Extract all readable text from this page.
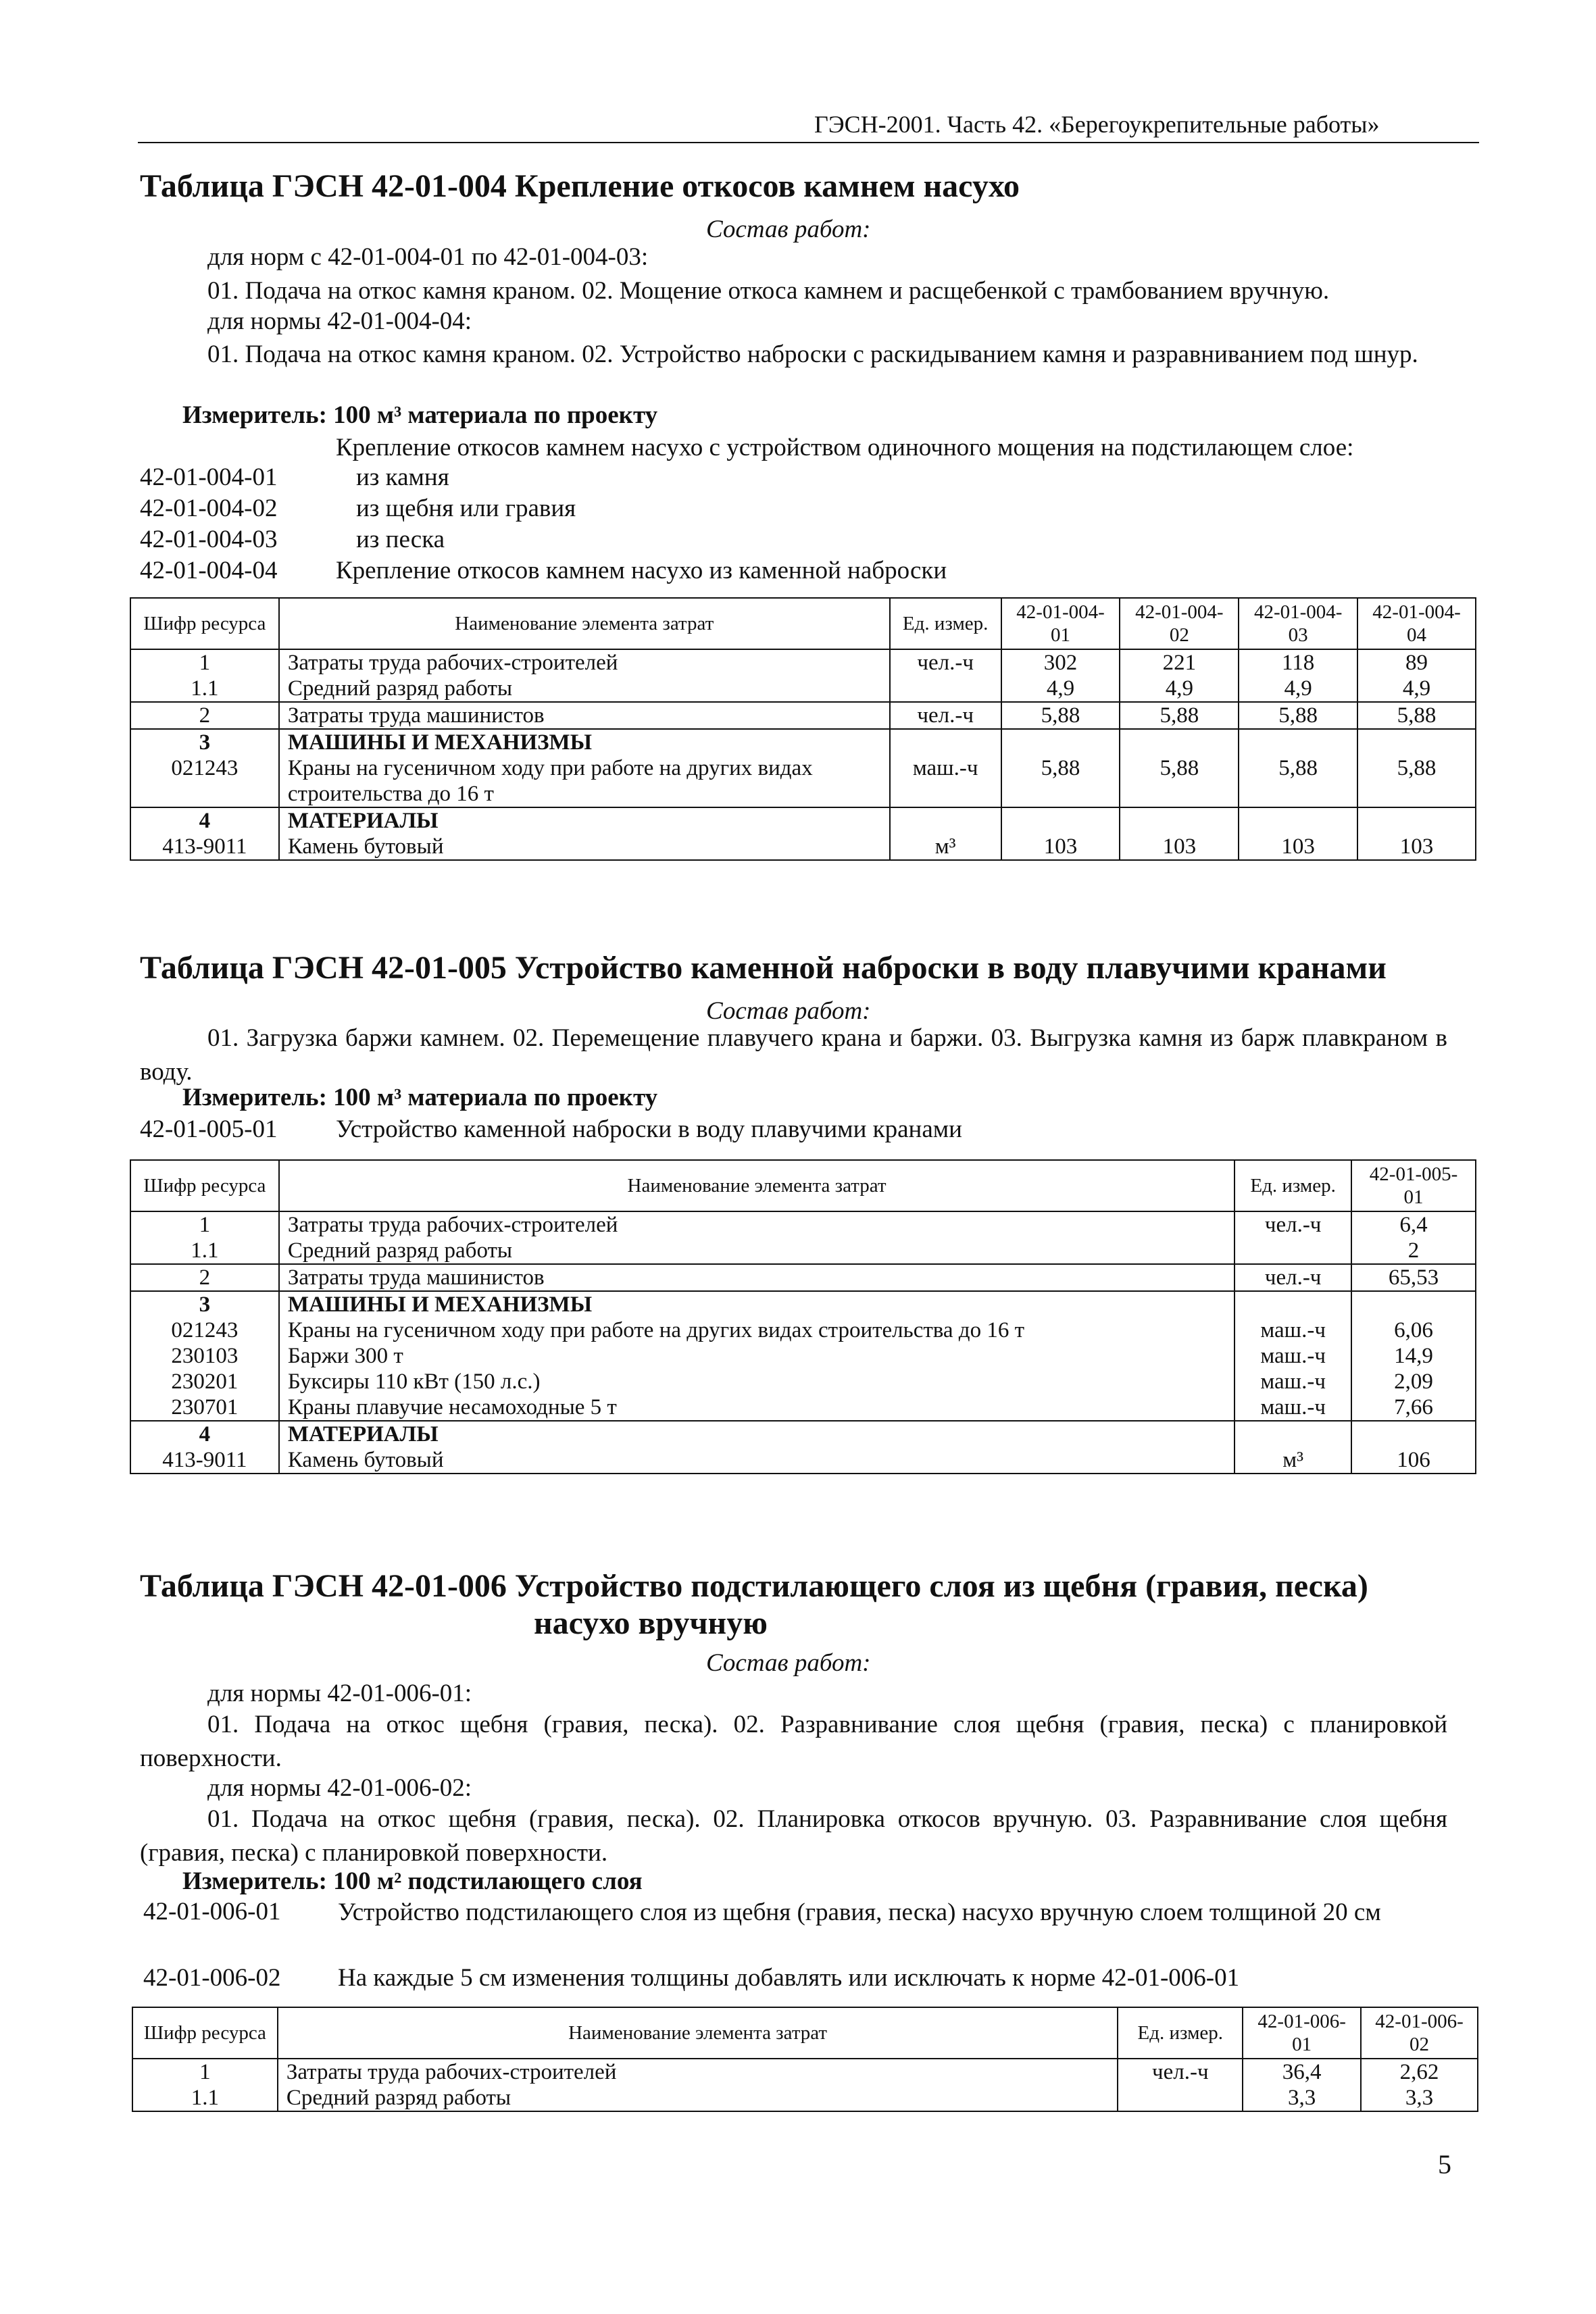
ГЭСН-2001. Часть 42. «Берегоукрепительные работы»
Таблица ГЭСН 42-01-004 Крепление откосов камнем насухо
Состав работ:
для норм с 42-01-004-01 по 42-01-004-03:
01. Подача на откос камня краном. 02. Мощение откоса камнем и расщебенкой с трамбованием вручную.
для нормы 42-01-004-04:
01. Подача на откос камня краном. 02. Устройство наброски с раскидыванием камня и разравниванием под шнур.
Измеритель: 100 м³ материала по проекту
Крепление откосов камнем насухо с устройством одиночного мощения на подстилающем слое:
42-01-004-01	из камня
42-01-004-02	из щебня или гравия
42-01-004-03	из песка
42-01-004-04 Крепление откосов камнем насухо из каменной наброски
Шифр ресурса	Наименование элемента затрат	Ед. измер.	42-01-004-01	42-01-004-02	42-01-004-03	42-01-004-04
1	Затраты труда рабочих-строителей	чел.-ч	302	221	118	89
1.1	Средний разряд работы		4,9	4,9	4,9	4,9
2	Затраты труда машинистов	чел.-ч	5,88	5,88	5,88	5,88
3	МАШИНЫ И МЕХАНИЗМЫ					
021243	Краны на гусеничном ходу при работе на других видах строительства до 16 т	маш.-ч	5,88	5,88	5,88	5,88
4	МАТЕРИАЛЫ					
413-9011	Камень бутовый	м³	103	103	103	103
Таблица ГЭСН 42-01-005 Устройство каменной наброски в воду плавучими кранами
Состав работ:
01. Загрузка баржи камнем. 02. Перемещение плавучего крана и баржи. 03. Выгрузка камня из барж плавкраном в воду.
Измеритель: 100 м³ материала по проекту
42-01-005-01 Устройство каменной наброски в воду плавучими кранами
Шифр ресурса	Наименование элемента затрат	Ед. измер.	42-01-005-01
1	Затраты труда рабочих-строителей	чел.-ч	6,4
1.1	Средний разряд работы		2
2	Затраты труда машинистов	чел.-ч	65,53
3	МАШИНЫ И МЕХАНИЗМЫ		
021243	Краны на гусеничном ходу при работе на других видах строительства до 16 т	маш.-ч	6,06
230103	Баржи 300 т	маш.-ч	14,9
230201	Буксиры 110 кВт (150 л.с.)	маш.-ч	2,09
230701	Краны плавучие несамоходные 5 т	маш.-ч	7,66
4	МАТЕРИАЛЫ		
413-9011	Камень бутовый	м³	106
Таблица ГЭСН 42-01-006 Устройство подстилающего слоя из щебня (гравия, песка)
насухо вручную
Состав работ:
для нормы 42-01-006-01:
01. Подача на откос щебня (гравия, песка). 02. Разравнивание слоя щебня (гравия, песка) с планировкой поверхности.
для нормы 42-01-006-02:
01. Подача на откос щебня (гравия, песка). 02. Планировка откосов вручную. 03. Разравнивание слоя щебня (гравия, песка) с планировкой поверхности.
Измеритель: 100 м² подстилающего слоя
42-01-006-01 Устройство подстилающего слоя из щебня (гравия, песка) насухо вручную слоем толщиной 20 см
42-01-006-02 На каждые 5 см изменения толщины добавлять или исключать к норме 42-01-006-01
Шифр ресурса	Наименование элемента затрат	Ед. измер.	42-01-006-01	42-01-006-02
1	Затраты труда рабочих-строителей	чел.-ч	36,4	2,62
1.1	Средний разряд работы		3,3	3,3
5
